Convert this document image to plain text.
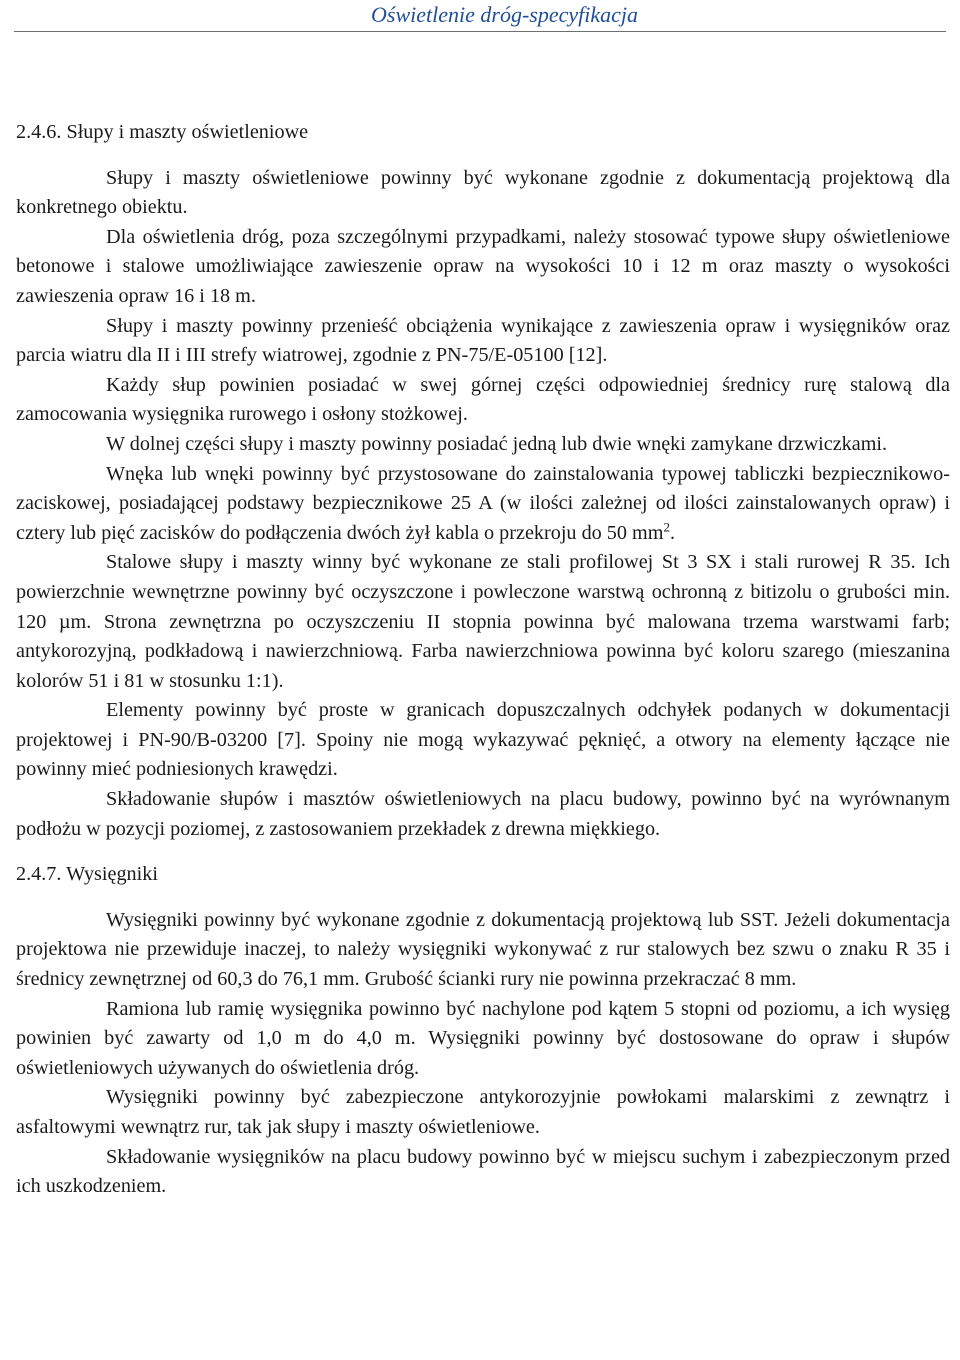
Oświetlenie dróg-specyfikacja
2.4.6. Słupy i maszty oświetleniowe

Słupy i maszty oświetleniowe powinny być wykonane zgodnie z dokumentacją projektową dla konkretnego obiektu.

Dla oświetlenia dróg, poza szczególnymi przypadkami, należy stosować typowe słupy oświetleniowe betonowe i stalowe umożliwiające zawieszenie opraw na wysokości 10 i 12 m oraz maszty o wysokości zawieszenia opraw 16 i 18 m.

Słupy i maszty powinny przenieść obciążenia wynikające z zawieszenia opraw i wysięgników oraz parcia wiatru dla II i III strefy wiatrowej, zgodnie z PN-75/E-05100 [12].

Każdy słup powinien posiadać w swej górnej części odpowiedniej średnicy rurę stalową dla zamocowania wysięgnika rurowego i osłony stożkowej.

W dolnej części słupy i maszty powinny posiadać jedną lub dwie wnęki zamykane drzwiczkami.

Wnęka lub wnęki powinny być przystosowane do zainstalowania typowej tabliczki bezpiecznikowo-zaciskowej, posiadającej podstawy bezpiecznikowe 25 A (w ilości zależnej od ilości zainstalowanych opraw) i cztery lub pięć zacisków do podłączenia dwóch żył kabla o przekroju do 50 $mm^2$.

Stalowe słupy i maszty winny być wykonane ze stali profilowej St 3 SX i stali rurowej R 35. Ich powierzchnie wewnętrzne powinny być oczyszczone i powleczone warstwą ochronną z bitizolu o grubości min. 120 µm. Strona zewnętrzna po oczyszczeniu II stopnia powinna być malowana trzema warstwami farb; antykorozyjną, podkładową i nawierzchniową. Farba nawierzchniowa powinna być koloru szarego (mieszanina kolorów 51 i 81 w stosunku 1:1).

Elementy powinny być proste w granicach dopuszczalnych odchyłek podanych w dokumentacji projektowej i PN-90/B-03200 [7]. Spoiny nie mogą wykazywać pęknięć, a otwory na elementy łączące nie powinny mieć podniesionych krawędzi.

Składowanie słupów i masztów oświetleniowych na placu budowy, powinno być na wyrównanym podłożu w pozycji poziomej, z zastosowaniem przekładek z drewna miękkiego.

2.4.7. Wysięgniki

Wysięgniki powinny być wykonane zgodnie z dokumentacją projektową lub SST. Jeżeli dokumentacja projektowa nie przewiduje inaczej, to należy wysięgniki wykonywać z rur stalowych bez szwu o znaku R 35 i średnicy zewnętrznej od 60,3 do 76,1 mm. Grubość ścianki rury nie powinna przekraczać 8 mm.

Ramiona lub ramię wysięgnika powinno być nachylone pod kątem 5 stopni od poziomu, a ich wysięg powinien być zawarty od 1,0 m do 4,0 m. Wysięgniki powinny być dostosowane do opraw i słupów oświetleniowych używanych do oświetlenia dróg.

Wysięgniki powinny być zabezpieczone antykorozyjnie powłokami malarskimi z zewnątrz i asfaltowymi wewnątrz rur, tak jak słupy i maszty oświetleniowe.

Składowanie wysięgników na placu budowy powinno być w miejscu suchym i zabezpieczonym przed ich uszkodzeniem.
